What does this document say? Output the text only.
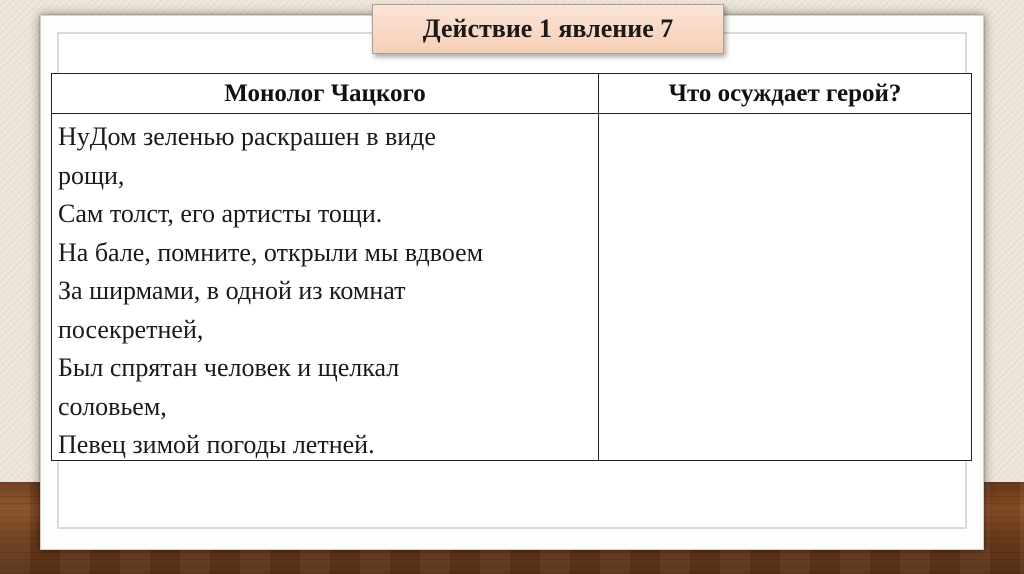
Действие 1 явление 7
Монолог Чацкого	Что осуждает герой?
НуДом зеленью раскрашен в виде
рощи,
Сам толст, его артисты тощи.
На бале, помните, открыли мы вдвоем
За ширмами, в одной из комнат
посекретней,
Был спрятан человек и щелкал
соловьем,
Певец зимой погоды летней.
